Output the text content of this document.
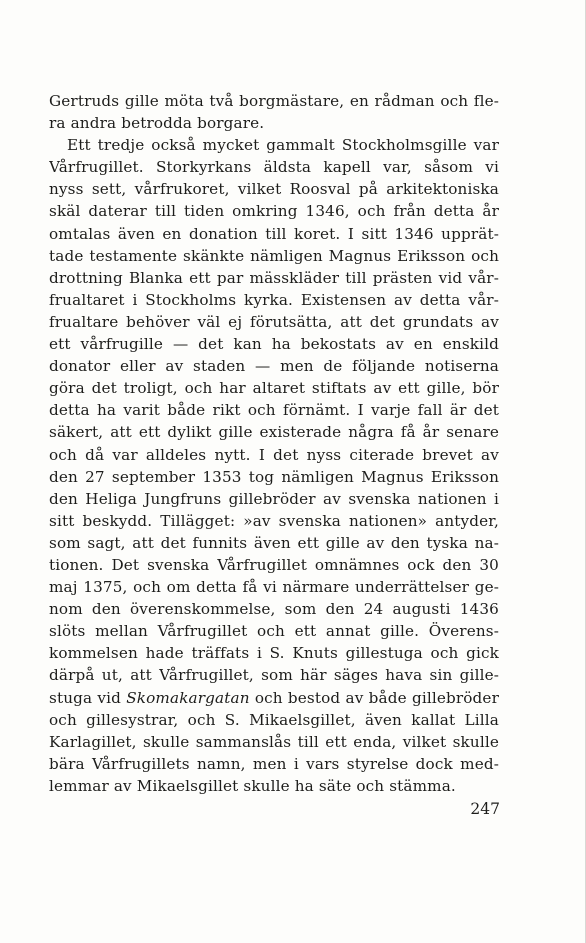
Gertruds gille möta två borgmästare, en rådman och fle-
ra andra betrodda borgare.
Ett tredje också mycket gammalt Stockholmsgille var
Vårfrugillet. Storkyrkans äldsta kapell var, såsom vi
nyss sett, vårfrukoret, vilket Roosval på arkitektoniska
skäl daterar till tiden omkring 1346, och från detta år
omtalas även en donation till koret. I sitt 1346 upprät-
tade testamente skänkte nämligen Magnus Eriksson och
drottning Blanka ett par mässkläder till prästen vid vår-
frualtaret i Stockholms kyrka. Existensen av detta vår-
frualtare behöver väl ej förutsätta, att det grundats av
ett vårfrugille — det kan ha bekostats av en enskild
donator eller av staden — men de följande notiserna
göra det troligt, och har altaret stiftats av ett gille, bör
detta ha varit både rikt och förnämt. I varje fall är det
säkert, att ett dylikt gille existerade några få år senare
och då var alldeles nytt. I det nyss citerade brevet av
den 27 september 1353 tog nämligen Magnus Eriksson
den Heliga Jungfruns gillebröder av svenska nationen i
sitt beskydd. Tillägget: »av svenska nationen» antyder,
som sagt, att det funnits även ett gille av den tyska na-
tionen. Det svenska Vårfrugillet omnämnes ock den 30
maj 1375, och om detta få vi närmare underrättelser ge-
nom den överenskommelse, som den 24 augusti 1436
slöts mellan Vårfrugillet och ett annat gille. Överens-
kommelsen hade träffats i S. Knuts gillestuga och gick
därpå ut, att Vårfrugillet, som här säges hava sin gille-
stuga vid Skomakargatan och bestod av både gillebröder
och gillesystrar, och S. Mikaelsgillet, även kallat Lilla
Karlagillet, skulle sammanslås till ett enda, vilket skulle
bära Vårfrugillets namn, men i vars styrelse dock med-
lemmar av Mikaelsgillet skulle ha säte och stämma.
247
